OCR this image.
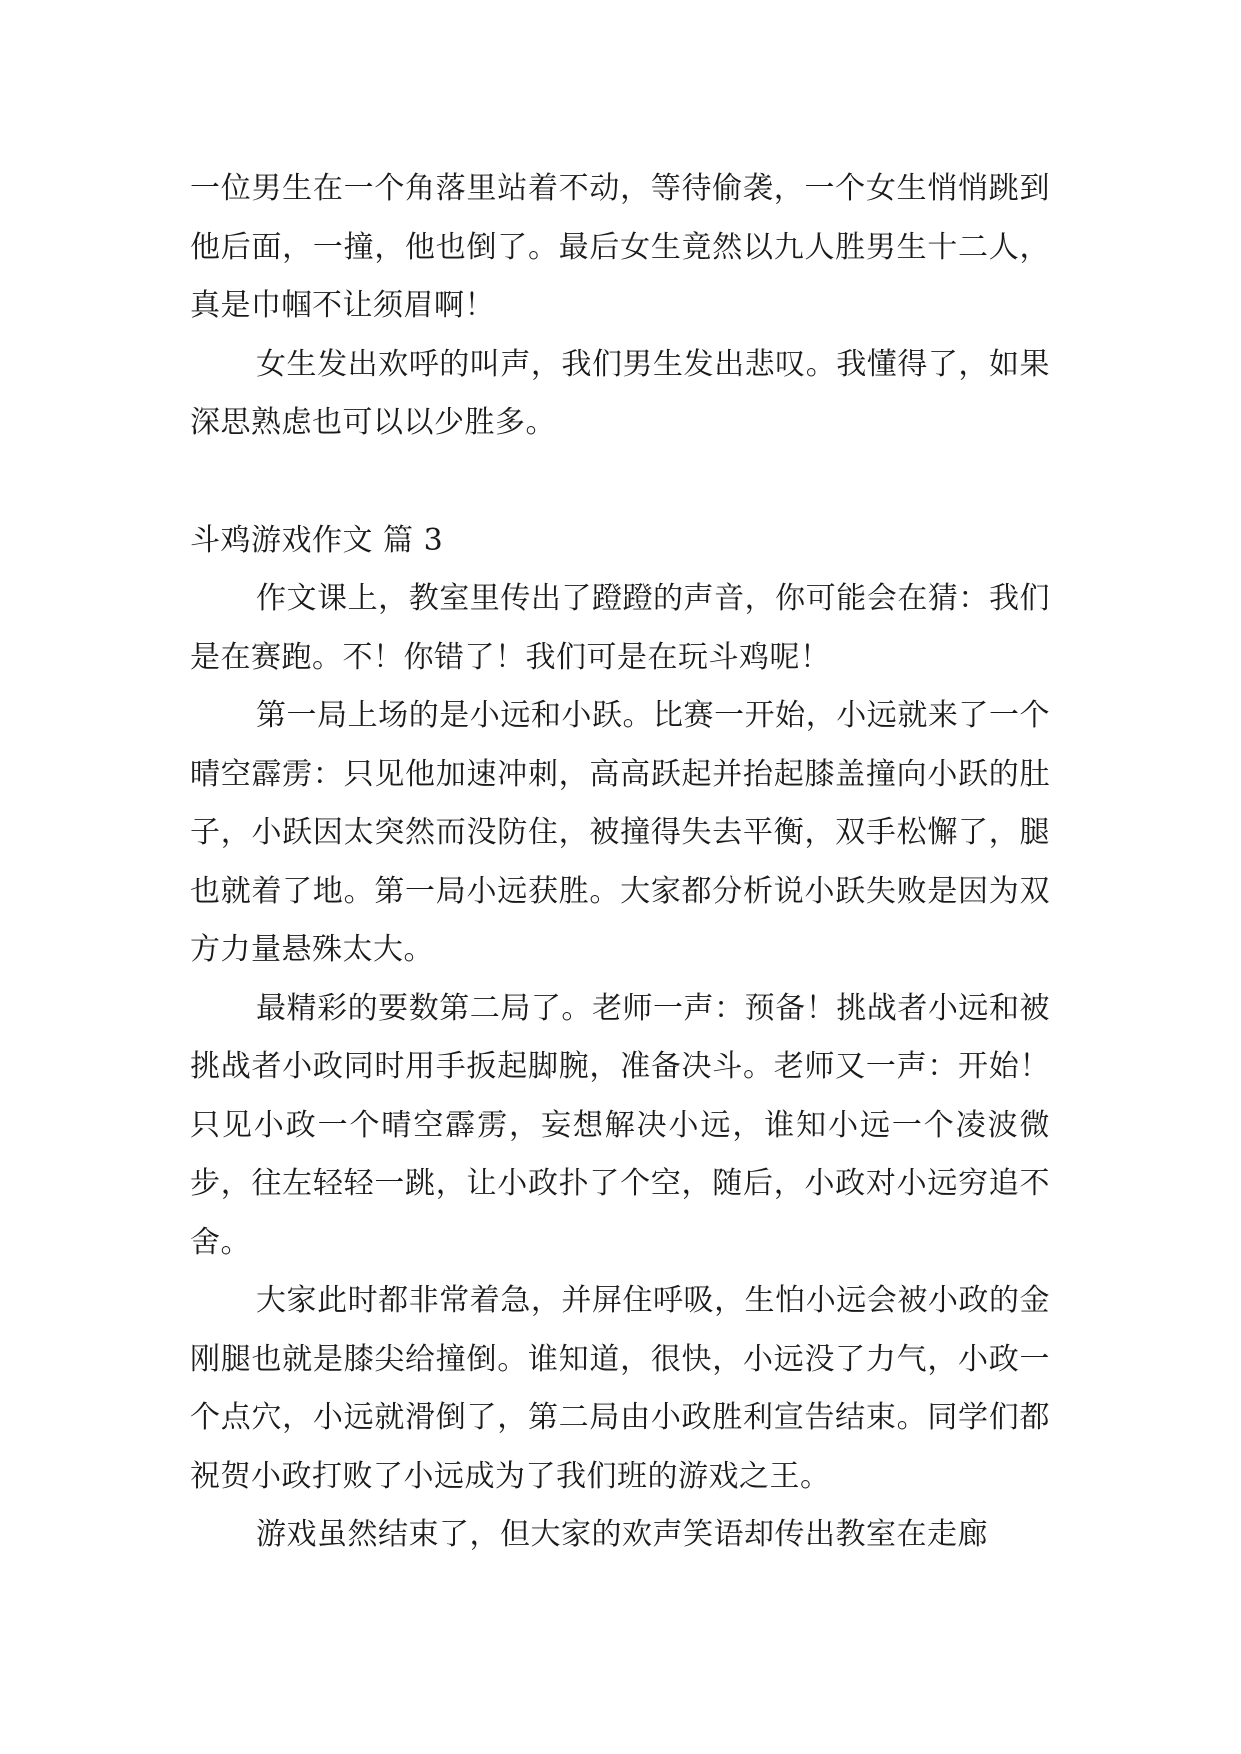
一位男生在一个角落里站着不动，等待偷袭，一个女生悄悄跳到他后面，一撞，他也倒了。最后女生竟然以九人胜男生十二人，真是巾帼不让须眉啊！

女生发出欢呼的叫声，我们男生发出悲叹。我懂得了，如果深思熟虑也可以以少胜多。

斗鸡游戏作文 篇 3

作文课上，教室里传出了蹬蹬的声音，你可能会在猜：我们是在赛跑。不！你错了！我们可是在玩斗鸡呢！

第一局上场的是小远和小跃。比赛一开始，小远就来了一个晴空霹雳：只见他加速冲刺，高高跃起并抬起膝盖撞向小跃的肚子，小跃因太突然而没防住，被撞得失去平衡，双手松懈了，腿也就着了地。第一局小远获胜。大家都分析说小跃失败是因为双方力量悬殊太大。

最精彩的要数第二局了。老师一声：预备！挑战者小远和被挑战者小政同时用手扳起脚腕，准备决斗。老师又一声：开始！只见小政一个晴空霹雳，妄想解决小远，谁知小远一个凌波微步，往左轻轻一跳，让小政扑了个空，随后，小政对小远穷追不舍。

大家此时都非常着急，并屏住呼吸，生怕小远会被小政的金刚腿也就是膝尖给撞倒。谁知道，很快，小远没了力气，小政一个点穴，小远就滑倒了，第二局由小政胜利宣告结束。同学们都祝贺小政打败了小远成为了我们班的游戏之王。

游戏虽然结束了，但大家的欢声笑语却传出教室在走廊
